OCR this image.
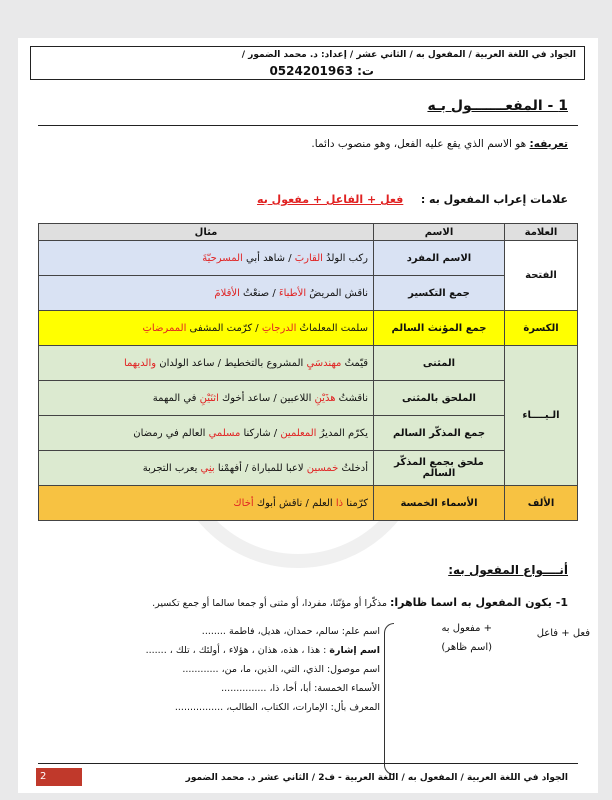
الجواد في اللغة العربية / المفعول به / الثاني عشر / إعداد: د. محمد الضمور /
ت: 0524201963
1 - المفعـــــــول بـه
تعريفه: هو الاسم الذي يقع عليه الفعل، وهو منصوب دائما.
علامات إعراب المفعول به : فعل + الفاعل + مفعول به
العلامة	الاسم	مثال
الفتحة	الاسم المفرد	ركب الولدُ القاربَ / شاهد أبي المسرحيّةَ
	جمع التكسير	ناقش المريضُ الأطباءَ / صنعْتُ الأقلامَ
الكسرة	جمع المؤنث السالم	سلمت المعلماتُ الدرجاتِ / كرّمت المشفى الممرضاتِ
الـيــــاء	المثنى	قيّمتُ مهندسَيِ المشروع بالتخطيط / ساعد الولدان والديهما
	الملحق بالمثنى	ناقشتُ هذَيْنِ اللاعبين / ساعد أخوك اثنَيْنِ في المهمة
	جمع المذكّر السالم	يكرّم المديرُ المعلمين / شاركنا مسلمي العالم في رمضان
	ملحق بجمع المذكّر السالم	أدخلتُ خمسين لاعبا للمباراة / أفهمْنا بنِي يعرب التجربة
الألف	الأسماء الخمسة	كرّمنا ذا العلم / ناقش أبوك أخاك
أنــــواع المفعول به:
1- يكون المفعول به اسما ظاهرا: مذكّرا أو مؤنّثا، مفردا، أو مثنى أو جمعا سالما أو جمع تكسير.
فعل + فاعل
+ مفعول به
(اسم ظاهر)
اسم علم: سالم، حمدان، هديل، فاطمة ........
اسم إشارة : هذا ، هذه، هذان ، هؤلاء ، أولئك ، تلك ، .......
اسم موصول: الذي، التي، الذين، ما، من، ............
الأسماء الخمسة: أبا، أخا، ذا، ...............
المعرف بأل: الإمارات، الكتاب، الطالب، ................
الجواد في اللغة العربية / المفعول به / اللغة العربية - ف2 / الثاني عشر د. محمد الضمور
2
